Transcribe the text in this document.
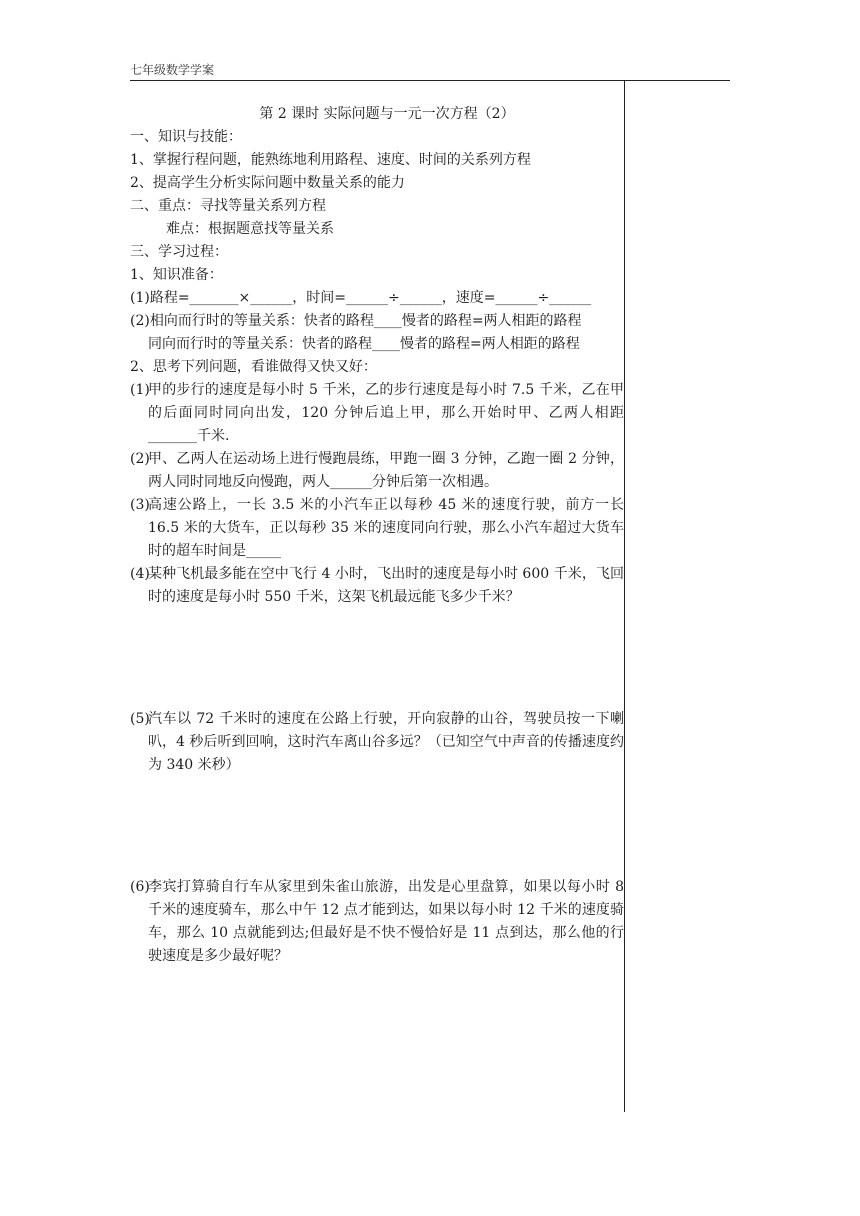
七年级数学学案

第 2 课时 实际问题与一元一次方程（2）

一、知识与技能：

1、掌握行程问题，能熟练地利用路程、速度、时间的关系列方程

2、提高学生分析实际问题中数量关系的能力

二、重点：寻找等量关系列方程

难点：根据题意找等量关系

三、学习过程：

1、知识准备：

(1)路程=_______×______，时间=______÷______，速度=______÷______

(2)相向而行时的等量关系：快者的路程____慢者的路程=两人相距的路程

同向而行时的等量关系：快者的路程____慢者的路程=两人相距的路程

2、思考下列问题，看谁做得又快又好：

(1)
甲的步行的速度是每小时 5 千米，乙的步行速度是每小时 7.5 千米，乙在甲的后面同时同向出发，120 分钟后追上甲，那么开始时甲、乙两人相距_______千米.
(2)
甲、乙两人在运动场上进行慢跑晨练，甲跑一圈 3 分钟，乙跑一圈 2 分钟，两人同时同地反向慢跑，两人______分钟后第一次相遇。
(3)
高速公路上，一长 3.5 米的小汽车正以每秒 45 米的速度行驶，前方一长 16.5 米的大货车，正以每秒 35 米的速度同向行驶，那么小汽车超过大货车时的超车时间是_____
(4)
某种飞机最多能在空中飞行 4 小时，飞出时的速度是每小时 600 千米，飞回时的速度是每小时 550 千米，这架飞机最远能飞多少千米？
(5)
汽车以 72 千米时的速度在公路上行驶，开向寂静的山谷，驾驶员按一下喇叭，4 秒后听到回响，这时汽车离山谷多远？（已知空气中声音的传播速度约为 340 米秒）
(6)
李宾打算骑自行车从家里到朱雀山旅游，出发是心里盘算，如果以每小时 8 千米的速度骑车，那么中午 12 点才能到达，如果以每小时 12 千米的速度骑车，那么 10 点就能到达;但最好是不快不慢恰好是 11 点到达，那么他的行驶速度是多少最好呢？
